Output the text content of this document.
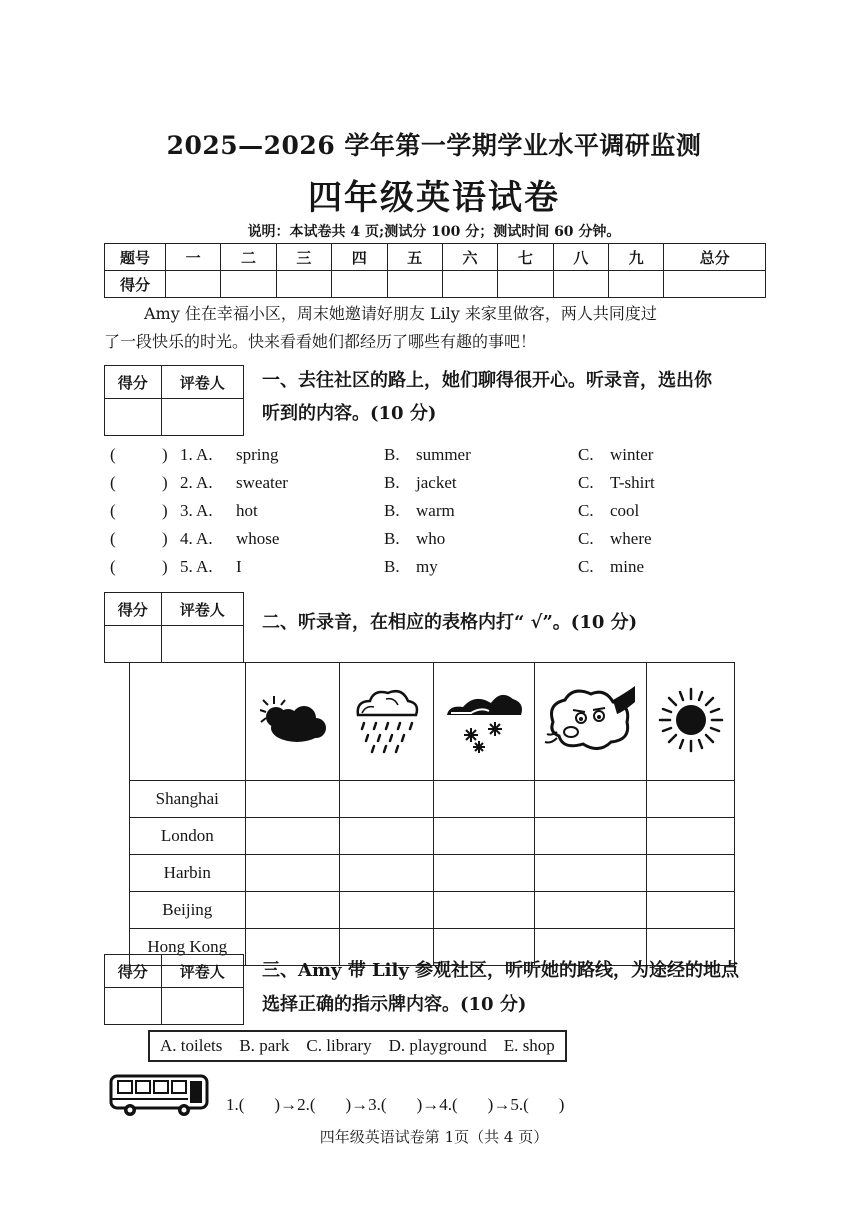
2025—2026 学年第一学期学业水平调研监测
四年级英语试卷
说明：本试卷共 4 页;测试分 100 分；测试时间 60 分钟。
题号	一	二	三	四	五	六	七	八	九	总分
得分										
Amy 住在幸福小区，周末她邀请好朋友 Lily 来家里做客，两人共同度过
了一段快乐的时光。快来看看她们都经历了哪些有趣的事吧！
得分	评卷人
	一、去往社区的路上，她们聊得很开心。听录音，选出你
听到的内容。(10 分)
(	) 1. A. spring	B. summer	C. winter
(	) 2. A. sweater	B. jacket	C. T-shirt
(	) 3. A. hot	B. warm	C. cool
(	) 4. A. whose	B. who	C. where
(	) 5. A. I	B. my	C. mine
得分	评卷人

二、听录音，在相应的表格内打“ √”。(10 分)

Shanghai					
London					
Harbin					
Beijing					
Hong Kong					
得分	评卷人
	三、Amy 带 Lily 参观社区，听听她的路线，为途经的地点
选择正确的指示牌内容。(10 分)
A. toilets B. park C. library D. playground E. shop
1.( )→2.( )→3.( )→4.( )→5.( )
四年级英语试卷第 1页（共 4 页）
